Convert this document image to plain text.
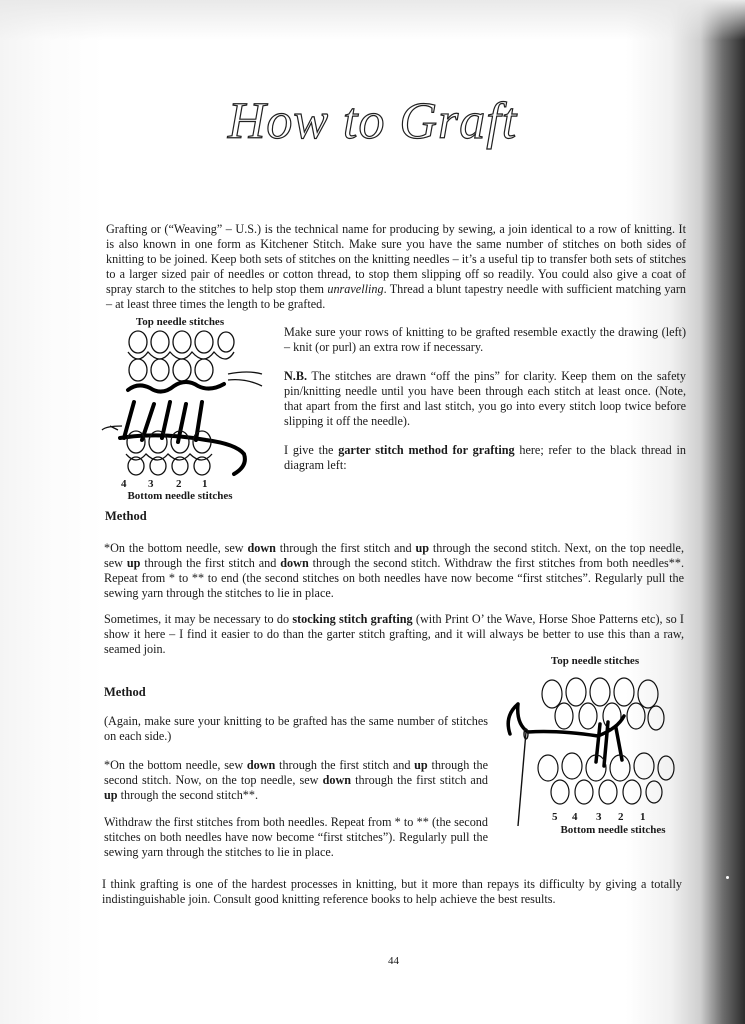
How to Graft
Grafting or (“Weaving” – U.S.) is the technical name for producing by sewing, a join identical to a row of knitting. It is also known in one form as Kitchener Stitch. Make sure you have the same number of stitches on both sides of knitting to be joined. Keep both sets of stitches on the knitting needles – it’s a useful tip to transfer both sets of stitches to a larger sized pair of needles or cotton thread, to stop them slipping off so readily. You could also give a coat of spray starch to the stitches to help stop them unravelling. Thread a blunt tapestry needle with sufficient matching yarn – at least three times the length to be grafted.
Top needle stitches
4 3 2 1
Bottom needle stitches
Make sure your rows of knitting to be grafted resemble exactly the drawing (left) – knit (or purl) an extra row if necessary.
N.B. The stitches are drawn “off the pins” for clarity. Keep them on the safety pin/knitting needle until you have been through each stitch at least once. (Note, that apart from the first and last stitch, you go into every stitch loop twice before slipping it off the needle).
I give the garter stitch method for grafting here; refer to the black thread in diagram left:
Method
*On the bottom needle, sew down through the first stitch and up through the second stitch. Next, on the top needle, sew up through the first stitch and down through the second stitch. Withdraw the first stitches from both needles**. Repeat from * to ** to end (the second stitches on both needles have now become “first stitches”. Regularly pull the sewing yarn through the stitches to lie in place.
Sometimes, it may be necessary to do stocking stitch grafting (with Print O’ the Wave, Horse Shoe Patterns etc), so I show it here – I find it easier to do than the garter stitch grafting, and it will always be better to use this than a raw, seamed join.
Top needle stitches
5 4 3 2 1
Bottom needle stitches
Method
(Again, make sure your knitting to be grafted has the same number of stitches on each side.)
*On the bottom needle, sew down through the first stitch and up through the second stitch. Now, on the top needle, sew down through the first stitch and up through the second stitch**.
Withdraw the first stitches from both needles. Repeat from * to ** (the second stitches on both needles have now become “first stitches”). Regularly pull the sewing yarn through the stitches to lie in place.
I think grafting is one of the hardest processes in knitting, but it more than repays its difficulty by giving a totally indistinguishable join. Consult good knitting reference books to help achieve the best results.
44
